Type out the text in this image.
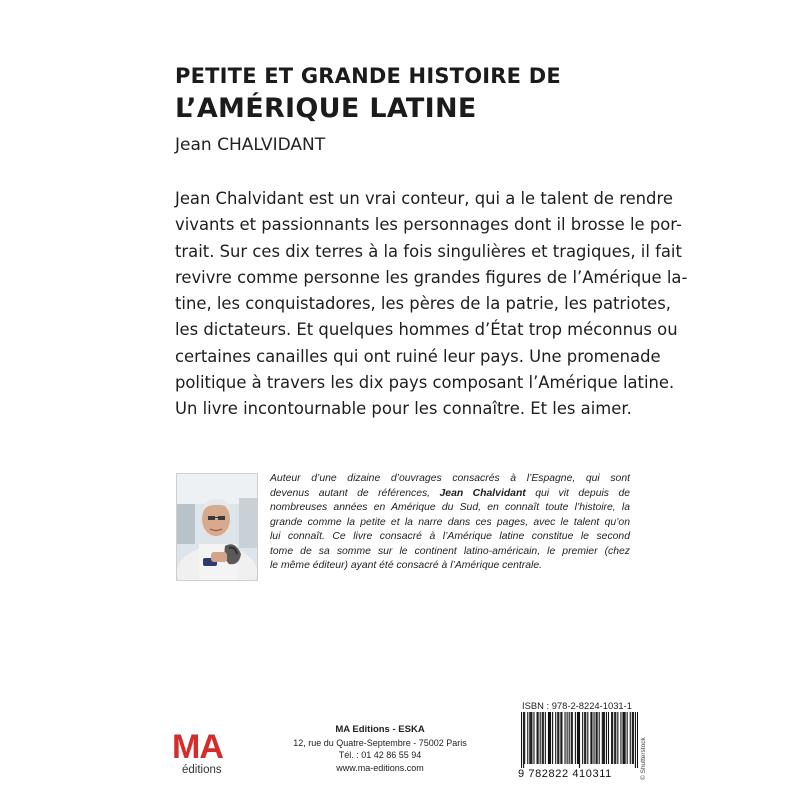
PETITE ET GRANDE HISTOIRE DE
L’AMÉRIQUE LATINE
Jean CHALVIDANT
Jean Chalvidant est un vrai conteur, qui a le talent de rendre
vivants et passionnants les personnages dont il brosse le por-
trait. Sur ces dix terres à la fois singulières et tragiques, il fait
revivre comme personne les grandes figures de l’Amérique la-
tine, les conquistadores, les pères de la patrie, les patriotes,
les dictateurs. Et quelques hommes d’État trop méconnus ou
certaines canailles qui ont ruiné leur pays. Une promenade
politique à travers les dix pays composant l’Amérique latine.
Un livre incontournable pour les connaître. Et les aimer.
Auteur d’une dizaine d’ouvrages consacrés à l’Espagne, qui sont
devenus autant de références, Jean Chalvidant qui vit depuis de
nombreuses années en Amérique du Sud, en connaît toute l’histoire, la
grande comme la petite et la narre dans ces pages, avec le talent qu’on
lui connaît. Ce livre consacré à l’Amérique latine constitue le second
tome de sa somme sur le continent latino-américain, le premier (chez
le même éditeur) ayant été consacré à l’Amérique centrale.
MA
éditions
MA Editions - ESKA
12, rue du Quatre-Septembre - 75002 Paris
Tél. : 01 42 86 55 94
www.ma-editions.com
ISBN : 978-2-8224-1031-1
9 782822 410311	© Shutterstock
